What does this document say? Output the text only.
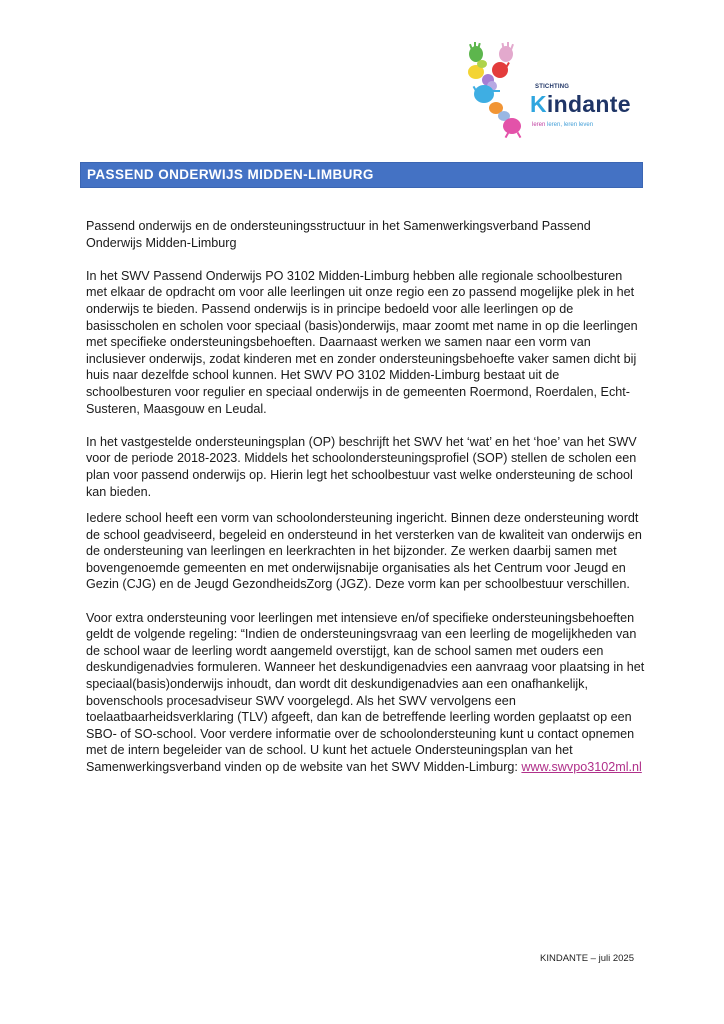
STICHTING
Kindante
leren leren, leren leven
PASSEND ONDERWIJS MIDDEN-LIMBURG

Passend onderwijs en de ondersteuningsstructuur in het Samenwerkingsverband Passend Onderwijs Midden-Limburg

In het SWV Passend Onderwijs PO 3102 Midden-Limburg hebben alle regionale schoolbesturen met elkaar de opdracht om voor alle leerlingen uit onze regio een zo passend mogelijke plek in het onderwijs te bieden. Passend onderwijs is in principe bedoeld voor alle leerlingen op de basisscholen en scholen voor speciaal (basis)onderwijs, maar zoomt met name in op die leerlingen met specifieke ondersteuningsbehoeften. Daarnaast werken we samen naar een vorm van inclusiever onderwijs, zodat kinderen met en zonder ondersteuningsbehoefte vaker samen dicht bij huis naar dezelfde school kunnen. Het SWV PO 3102 Midden-Limburg bestaat uit de schoolbesturen voor regulier en speciaal onderwijs in de gemeenten Roermond, Roerdalen, Echt-Susteren, Maasgouw en Leudal.

In het vastgestelde ondersteuningsplan (OP) beschrijft het SWV het ‘wat’ en het ‘hoe’ van het SWV voor de periode 2018-2023. Middels het schoolondersteuningsprofiel (SOP) stellen de scholen een plan voor passend onderwijs op. Hierin legt het schoolbestuur vast welke ondersteuning de school kan bieden.

Iedere school heeft een vorm van schoolondersteuning ingericht. Binnen deze ondersteuning wordt de school geadviseerd, begeleid en ondersteund in het versterken van de kwaliteit van onderwijs en de ondersteuning van leerlingen en leerkrachten in het bijzonder. Ze werken daarbij samen met bovengenoemde gemeenten en met onderwijsnabije organisaties als het Centrum voor Jeugd en Gezin (CJG) en de Jeugd GezondheidsZorg (JGZ). Deze vorm kan per schoolbestuur verschillen.

Voor extra ondersteuning voor leerlingen met intensieve en/of specifieke ondersteuningsbehoeften geldt de volgende regeling: “Indien de ondersteuningsvraag van een leerling de mogelijkheden van de school waar de leerling wordt aangemeld overstijgt, kan de school samen met ouders een deskundigenadvies formuleren. Wanneer het deskundigenadvies een aanvraag voor plaatsing in het speciaal(basis)onderwijs inhoudt, dan wordt dit deskundigenadvies aan een onafhankelijk, bovenschools procesadviseur SWV voorgelegd. Als het SWV vervolgens een toelaatbaarheidsverklaring (TLV) afgeeft, dan kan de betreffende leerling worden geplaatst op een SBO- of SO-school. Voor verdere informatie over de schoolondersteuning kunt u contact opnemen met de intern begeleider van de school. U kunt het actuele Ondersteuningsplan van het Samenwerkingsverband vinden op de website van het SWV Midden-Limburg: www.swvpo3102ml.nl

KINDANTE – juli 2025
